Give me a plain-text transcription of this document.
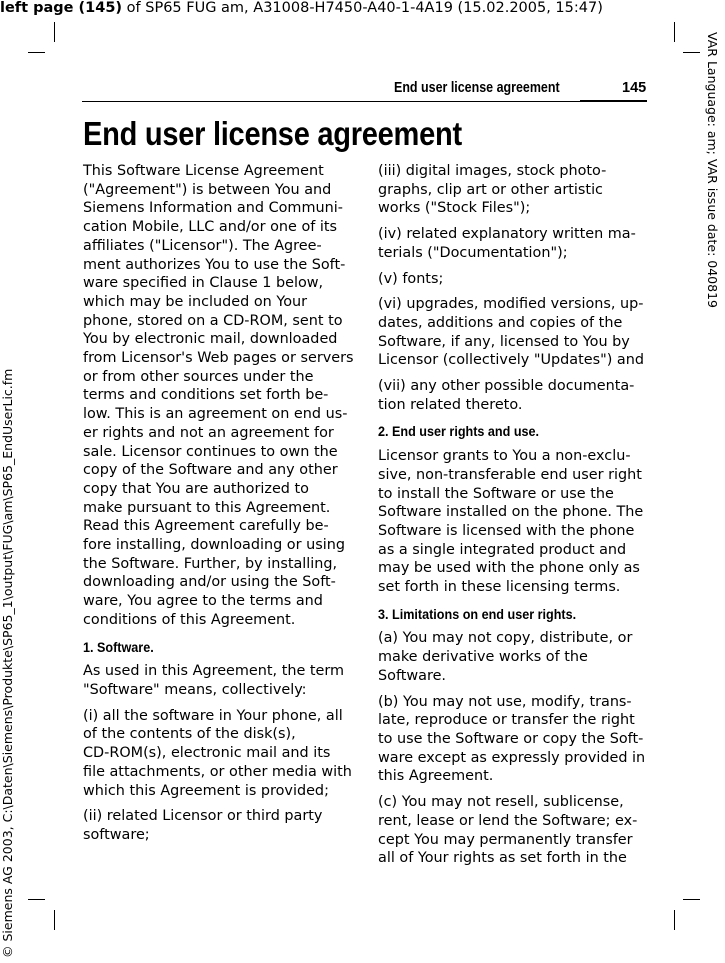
left page (145) of SP65 FUG am, A31008-H7450-A40-1-4A19 (15.02.2005, 15:47)
VAR Language: am; VAR issue date: 040819
© Siemens AG 2003, C:\Daten\Siemens\Produkte\SP65_1\output\FUG\am\SP65_EndUserLic.fm
End user license agreement	145
End user license agreement

This Software License Agreement
("Agreement") is between You and
Siemens Information and Communi-
cation Mobile, LLC and/or one of its
affiliates ("Licensor"). The Agree-
ment authorizes You to use the Soft-
ware specified in Clause 1 below,
which may be included on Your
phone, stored on a CD-ROM, sent to
You by electronic mail, downloaded
from Licensor's Web pages or servers
or from other sources under the
terms and conditions set forth be-
low. This is an agreement on end us-
er rights and not an agreement for
sale. Licensor continues to own the
copy of the Software and any other
copy that You are authorized to
make pursuant to this Agreement.
Read this Agreement carefully be-
fore installing, downloading or using
the Software. Further, by installing,
downloading and/or using the Soft-
ware, You agree to the terms and
conditions of this Agreement.

1. Software.

As used in this Agreement, the term
"Software" means, collectively:

(i) all the software in Your phone, all
of the contents of the disk(s),
CD-ROM(s), electronic mail and its
file attachments, or other media with
which this Agreement is provided;

(ii) related Licensor or third party
software;

(iii) digital images, stock photo-
graphs, clip art or other artistic
works ("Stock Files");

(iv) related explanatory written ma-
terials ("Documentation");

(v) fonts;

(vi) upgrades, modified versions, up-
dates, additions and copies of the
Software, if any, licensed to You by
Licensor (collectively "Updates") and

(vii) any other possible documenta-
tion related thereto.

2. End user rights and use.

Licensor grants to You a non-exclu-
sive, non-transferable end user right
to install the Software or use the
Software installed on the phone. The
Software is licensed with the phone
as a single integrated product and
may be used with the phone only as
set forth in these licensing terms.

3. Limitations on end user rights.

(a) You may not copy, distribute, or
make derivative works of the
Software.

(b) You may not use, modify, trans-
late, reproduce or transfer the right
to use the Software or copy the Soft-
ware except as expressly provided in
this Agreement.

(c) You may not resell, sublicense,
rent, lease or lend the Software; ex-
cept You may permanently transfer
all of Your rights as set forth in the
